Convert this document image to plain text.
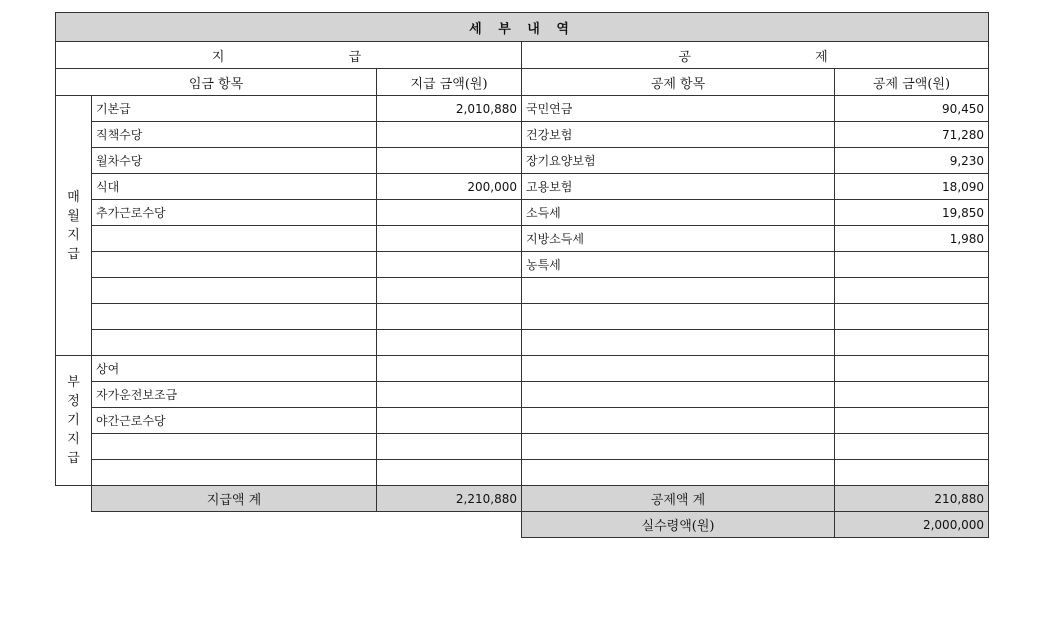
세 부 내 역				
지 급			공 제	
임금 항목		지급 금액(원)	공제 항목	공제 금액(원)

매월지급	기본급	2,010,880	국민연금	90,450
	직책수당		건강보험	71,280
	월차수당		장기요양보험	9,230
	식대	200,000	고용보험	18,090
	추가근로수당		소득세	19,850
			지방소득세	1,980
			농특세	

부정기지급	상여			
	자가운전보조금			
	야간근로수당			

	지급액 계	2,210,880	공제액 계	210,880
			실수령액(원)	2,000,000
